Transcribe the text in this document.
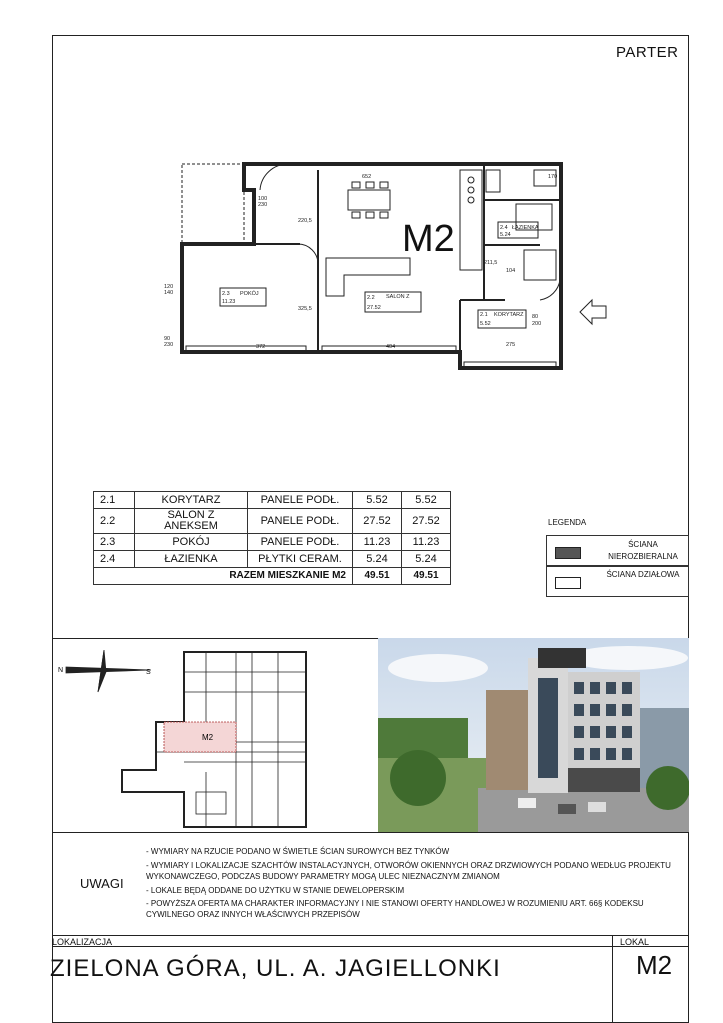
PARTER
652	170
372	404	275
220,5
325,5
211,5
104
100
230
80
200
120
140
90
230
2.3 POKÓJ
11.23
2.2 SALON Z
27.52
2.4 ŁAZIENKA
5.24
2.1 KORYTARZ
5.52
M2
2.1	KORYTARZ	PANELE PODŁ.	5.52	5.52
2.2	SALON Z ANEKSEM	PANELE PODŁ.	27.52	27.52
2.3	POKÓJ	PANELE PODŁ.	11.23	11.23
2.4	ŁAZIENKA	PŁYTKI CERAM.	5.24	5.24
RAZEM MIESZKANIE M2			49.51	49.51
LEGENDA
ŚCIANA NIEROZBIERALNA
ŚCIANA DZIAŁOWA
N	S
M2
UWAGI
- WYMIARY NA RZUCIE PODANO W ŚWIETLE ŚCIAN SUROWYCH BEZ TYNKÓW
- WYMIARY I LOKALIZACJE SZACHTÓW INSTALACYJNYCH, OTWORÓW OKIENNYCH ORAZ DRZWIOWYCH PODANO WEDŁUG PROJEKTU WYKONAWCZEGO, PODCZAS BUDOWY PARAMETRY MOGĄ ULEC NIEZNACZNYM ZMIANOM
- LOKALE BĘDĄ ODDANE DO UŻYTKU W STANIE DEWELOPERSKIM
- POWYŻSZA OFERTA MA CHARAKTER INFORMACYJNY I NIE STANOWI OFERTY HANDLOWEJ W ROZUMIENIU ART. 66§ KODEKSU CYWILNEGO ORAZ INNYCH WŁAŚCIWYCH PRZEPISÓW
LOKALIZACJA
ZIELONA GÓRA, UL. A. JAGIELLONKI
LOKAL
M2
